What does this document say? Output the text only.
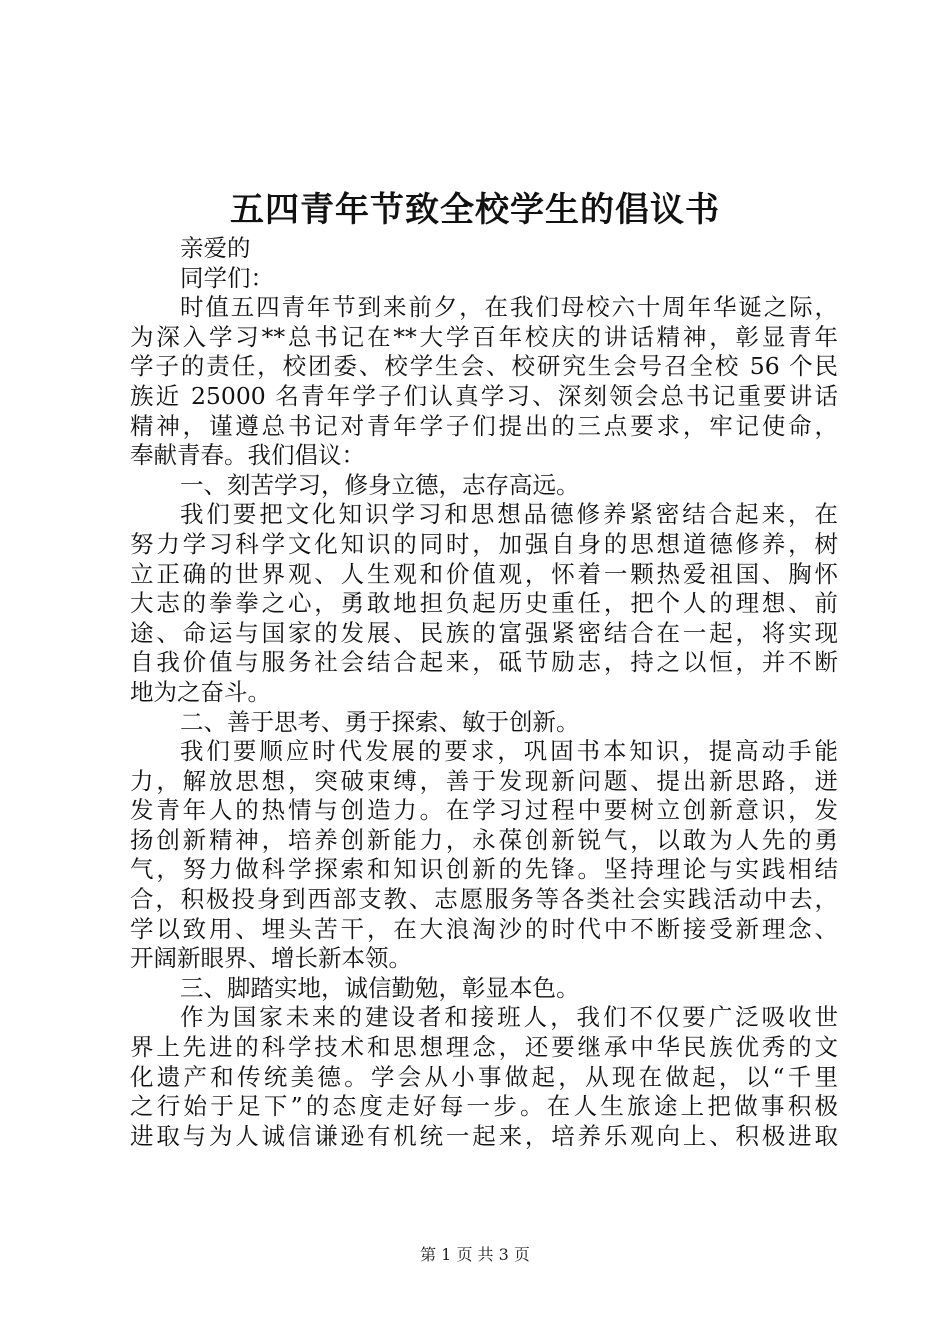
五四青年节致全校学生的倡议书
亲爱的
同学们：
时值五四青年节到来前夕，在我们母校六十周年华诞之际，
为深入学习**总书记在**大学百年校庆的讲话精神，彰显青年
学子的责任，校团委、校学生会、校研究生会号召全校 56 个民
族近 25000 名青年学子们认真学习、深刻领会总书记重要讲话
精神，谨遵总书记对青年学子们提出的三点要求，牢记使命，
奉献青春。我们倡议：
一、刻苦学习，修身立德，志存高远。
我们要把文化知识学习和思想品德修养紧密结合起来，在
努力学习科学文化知识的同时，加强自身的思想道德修养，树
立正确的世界观、人生观和价值观，怀着一颗热爱祖国、胸怀
大志的拳拳之心，勇敢地担负起历史重任，把个人的理想、前
途、命运与国家的发展、民族的富强紧密结合在一起，将实现
自我价值与服务社会结合起来，砥节励志，持之以恒，并不断
地为之奋斗。
二、善于思考、勇于探索、敏于创新。
我们要顺应时代发展的要求，巩固书本知识，提高动手能
力，解放思想，突破束缚，善于发现新问题、提出新思路，迸
发青年人的热情与创造力。在学习过程中要树立创新意识，发
扬创新精神，培养创新能力，永葆创新锐气，以敢为人先的勇
气，努力做科学探索和知识创新的先锋。坚持理论与实践相结
合，积极投身到西部支教、志愿服务等各类社会实践活动中去，
学以致用、埋头苦干，在大浪淘沙的时代中不断接受新理念、
开阔新眼界、增长新本领。
三、脚踏实地，诚信勤勉，彰显本色。
作为国家未来的建设者和接班人，我们不仅要广泛吸收世
界上先进的科学技术和思想理念，还要继承中华民族优秀的文
化遗产和传统美德。学会从小事做起，从现在做起，以“千里
之行始于足下”的态度走好每一步。在人生旅途上把做事积极
进取与为人诚信谦逊有机统一起来，培养乐观向上、积极进取
第 1 页 共 3 页
